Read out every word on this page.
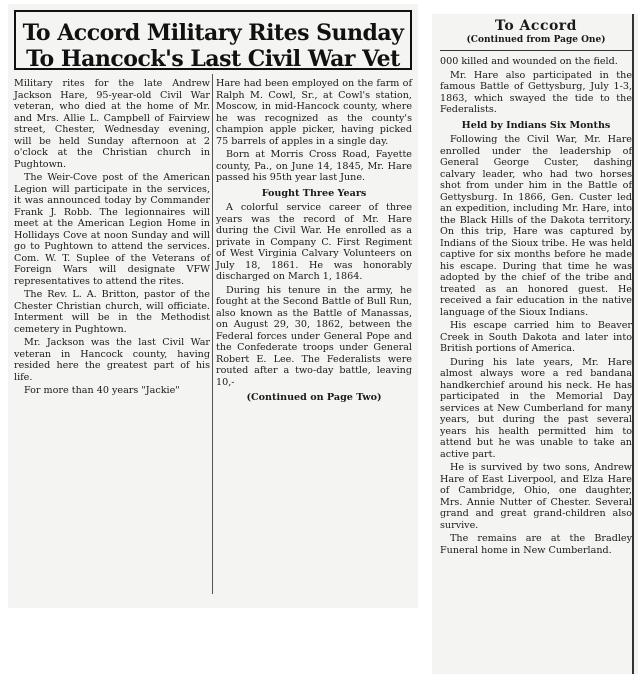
To Accord Military Rites Sunday
To Hancock's Last Civil War Vet

Military rites for the late Andrew Jackson Hare, 95-year-old Civil War veteran, who died at the home of Mr. and Mrs. Allie L. Campbell of Fairview street, Chester, Wednesday evening, will be held Sunday afternoon at 2 o'clock at the Christian church in Pughtown.

The Weir-Cove post of the American Legion will participate in the services, it was announced today by Commander Frank J. Robb. The legionnaires will meet at the American Legion Home in Hollidays Cove at noon Sunday and will go to Pughtown to attend the services. Com. W. T. Suplee of the Veterans of Foreign Wars will designate VFW representatives to attend the rites.

The Rev. L. A. Britton, pastor of the Chester Christian church, will officiate. Interment will be in the Methodist cemetery in Pughtown.

Mr. Jackson was the last Civil War veteran in Hancock county, having resided here the greatest part of his life.

For more than 40 years "Jackie"

Hare had been employed on the farm of Ralph M. Cowl, Sr., at Cowl's station, Moscow, in mid-Hancock county, where he was recognized as the county's champion apple picker, having picked 75 barrels of apples in a single day.

Born at Morris Cross Road, Fayette county, Pa., on June 14, 1845, Mr. Hare passed his 95th year last June.

Fought Three Years

A colorful service career of three years was the record of Mr. Hare during the Civil War. He enrolled as a private in Company C. First Regiment of West Virginia Calvary Volunteers on July 18, 1861. He was honorably discharged on March 1, 1864.

During his tenure in the army, he fought at the Second Battle of Bull Run, also known as the Battle of Manassas, on August 29, 30, 1862, between the Federal forces under General Pope and the Confederate troops under General Robert E. Lee. The Federalists were routed after a two-day battle, leaving 10,-

(Continued on Page Two)
To Accord
(Continued from Page One)

000 killed and wounded on the field.

Mr. Hare also participated in the famous Battle of Gettysburg, July 1-3, 1863, which swayed the tide to the Federalists.

Held by Indians Six Months

Following the Civil War, Mr. Hare enrolled under the leadership of General George Custer, dashing calvary leader, who had two horses shot from under him in the Battle of Gettysburg. In 1866, Gen. Custer led an expedition, including Mr. Hare, into the Black Hills of the Dakota territory. On this trip, Hare was captured by Indians of the Sioux tribe. He was held captive for six months before he made his escape. During that time he was adopted by the chief of the tribe and treated as an honored guest. He received a fair education in the native language of the Sioux Indians.

His escape carried him to Beaver Creek in South Dakota and later into British portions of America.

During his late years, Mr. Hare almost always wore a red bandana handkerchief around his neck. He has participated in the Memorial Day services at New Cumberland for many years, but during the past several years his health permitted him to attend but he was unable to take an active part.

He is survived by two sons, Andrew Hare of East Liverpool, and Elza Hare of Cambridge, Ohio, one daughter, Mrs. Annie Nutter of Chester. Several grand and great grand-children also survive.

The remains are at the Bradley Funeral home in New Cumberland.
